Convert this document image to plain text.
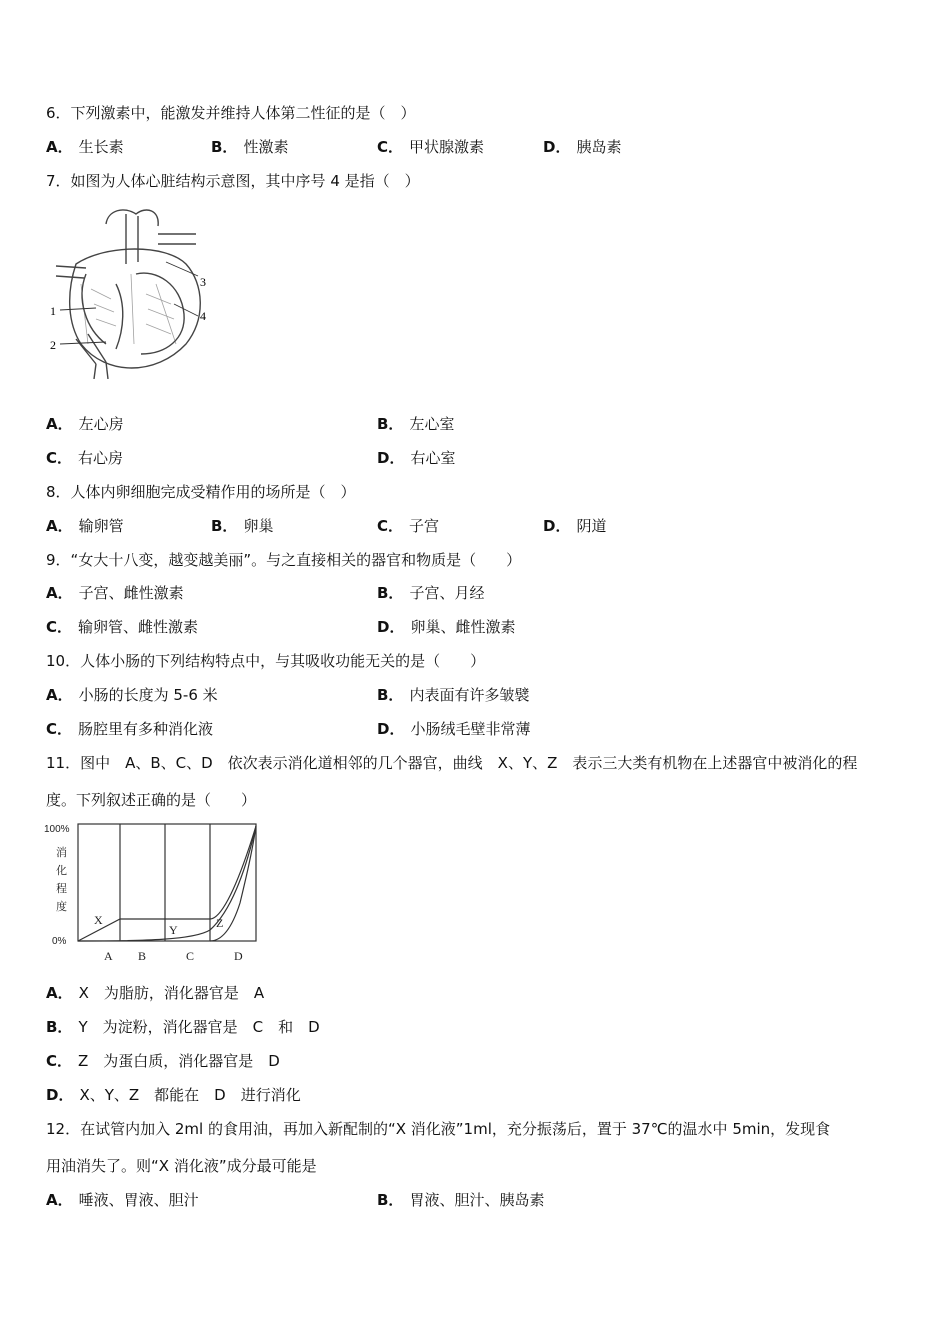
6．下列激素中，能激发并维持人体第二性征的是（　）
A． 生长素	B． 性激素	C． 甲状腺激素	D． 胰岛素
7．如图为人体心脏结构示意图，其中序号 4 是指（　）
1
2
3
4
A． 左心房	B． 左心室
C． 右心房	D． 右心室
8．人体内卵细胞完成受精作用的场所是（　）
A． 输卵管	B． 卵巢	C． 子宫	D． 阴道
9．“女大十八变，越变越美丽”。与之直接相关的器官和物质是（　　）
A． 子宫、雌性激素	B． 子宫、月经
C． 输卵管、雌性激素	D． 卵巢、雌性激素
10．人体小肠的下列结构特点中，与其吸收功能无关的是（　　）
A． 小肠的长度为 5-6 米	B． 内表面有许多皱襞
C． 肠腔里有多种消化液	D． 小肠绒毛壁非常薄
11．图中　A、B、C、D　依次表示消化道相邻的几个器官，曲线　X、Y、Z　表示三大类有机物在上述器官中被消化的程
度。下列叙述正确的是（　　）
100%
0%
消
化
程
度
X
Y	Z
A B	C	D
A． X　为脂肪，消化器官是　A
B． Y　为淀粉，消化器官是　C　和　D
C． Z　为蛋白质，消化器官是　D
D． X、Y、Z　都能在　D　进行消化
12．在试管内加入 2ml 的食用油，再加入新配制的“X 消化液”1ml，充分振荡后，置于 37℃的温水中 5min，发现食
用油消失了。则“X 消化液”成分最可能是
A． 唾液、胃液、胆汁	B． 胃液、胆汁、胰岛素
